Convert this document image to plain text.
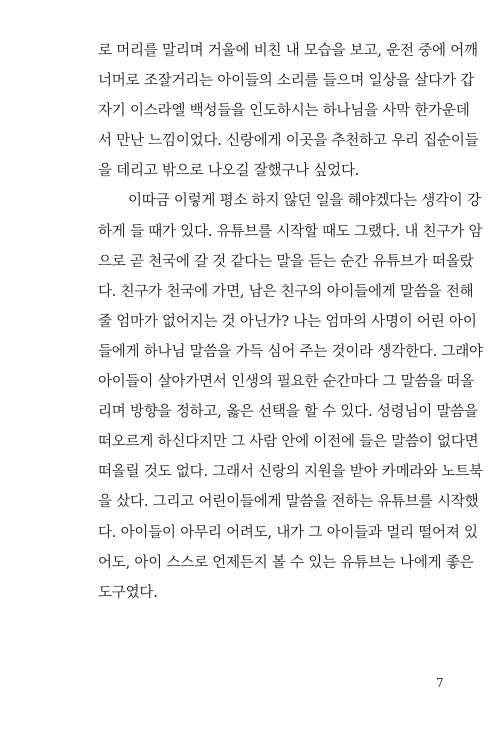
로 머리를 말리며 거울에 비친 내 모습을 보고, 운전 중에 어깨
너머로 조잘거리는 아이들의 소리를 들으며 일상을 살다가 갑
자기 이스라엘 백성들을 인도하시는 하나님을 사막 한가운데
서 만난 느낌이었다. 신랑에게 이곳을 추천하고 우리 집순이들
을 데리고 밖으로 나오길 잘했구나 싶었다.
이따금 이렇게 평소 하지 않던 일을 해야겠다는 생각이 강
하게 들 때가 있다. 유튜브를 시작할 때도 그랬다. 내 친구가 암
으로 곧 천국에 갈 것 같다는 말을 듣는 순간 유튜브가 떠올랐
다. 친구가 천국에 가면, 남은 친구의 아이들에게 말씀을 전해
줄 엄마가 없어지는 것 아닌가? 나는 엄마의 사명이 어린 아이
들에게 하나님 말씀을 가득 심어 주는 것이라 생각한다. 그래야
아이들이 살아가면서 인생의 필요한 순간마다 그 말씀을 떠올
리며 방향을 정하고, 옳은 선택을 할 수 있다. 성령님이 말씀을
떠오르게 하신다지만 그 사람 안에 이전에 들은 말씀이 없다면
떠올릴 것도 없다. 그래서 신랑의 지원을 받아 카메라와 노트북
을 샀다. 그리고 어린이들에게 말씀을 전하는 유튜브를 시작했
다. 아이들이 아무리 어려도, 내가 그 아이들과 멀리 떨어져 있
어도, 아이 스스로 언제든지 볼 수 있는 유튜브는 나에게 좋은
도구였다.
7
